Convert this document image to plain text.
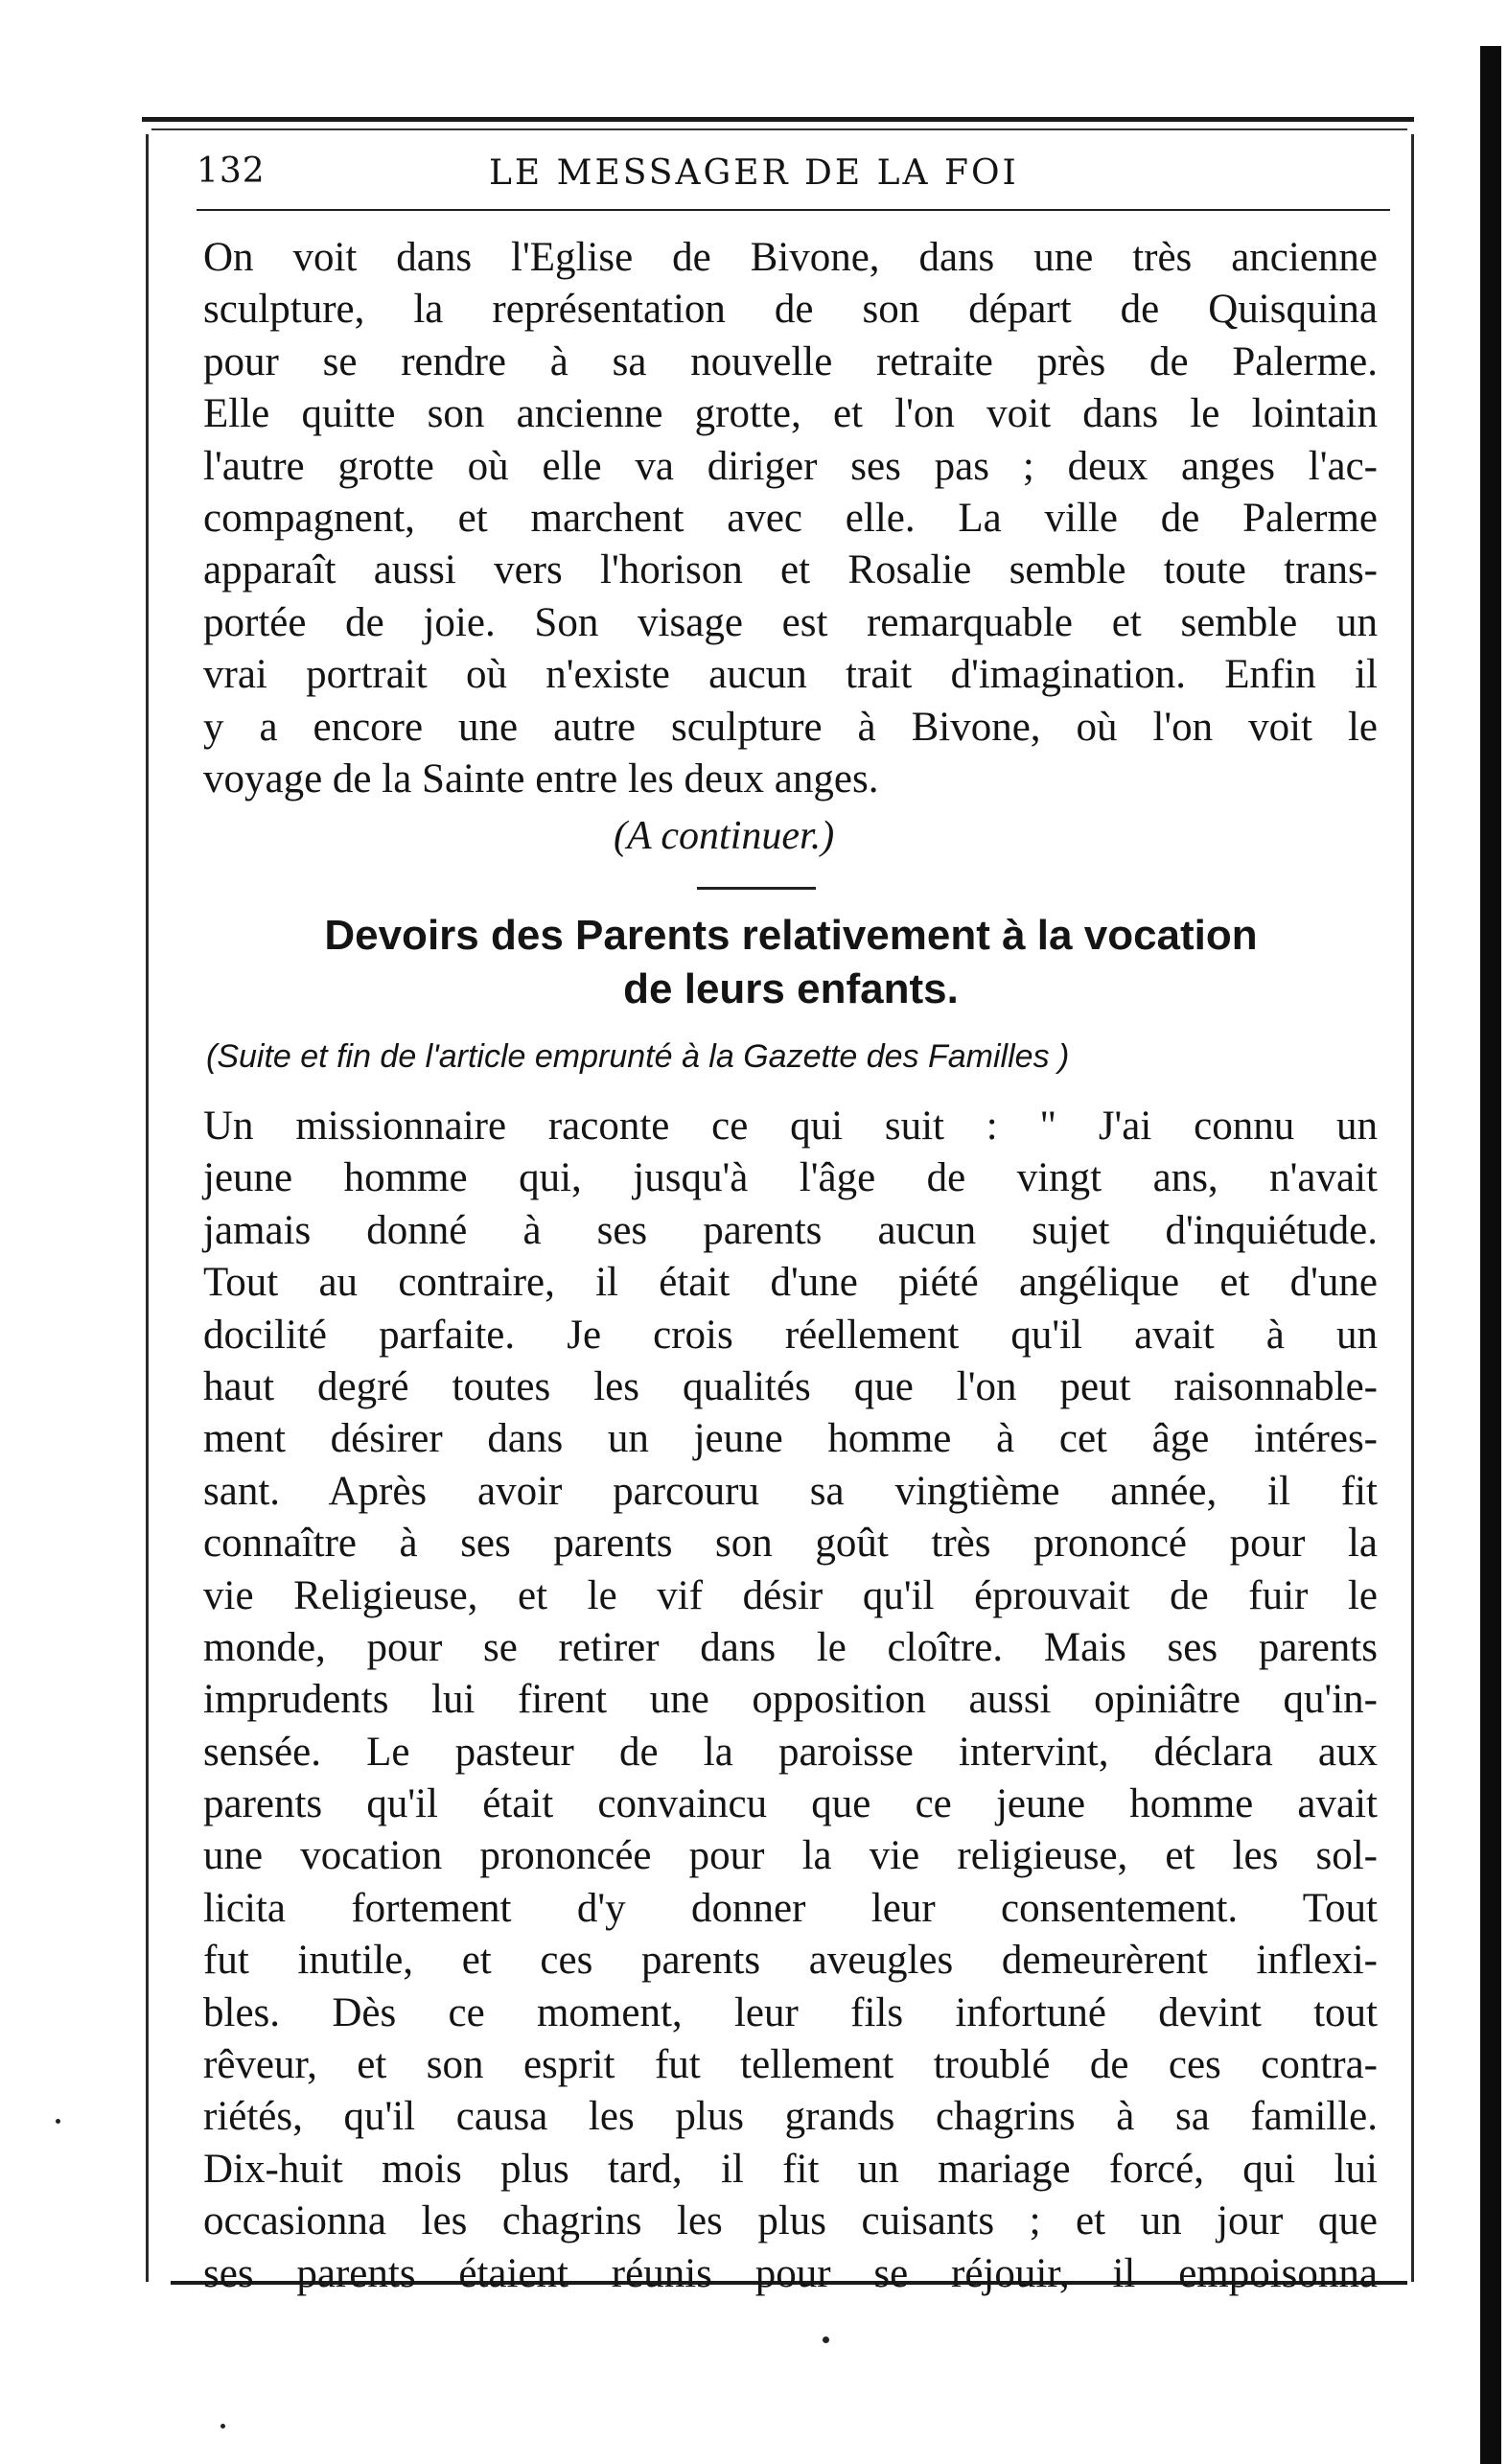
132	LE MESSAGER DE LA FOI
On voit dans l'Eglise de Bivone, dans une très ancienne
sculpture, la représentation de son départ de Quisquina
pour se rendre à sa nouvelle retraite près de Palerme.
Elle quitte son ancienne grotte, et l'on voit dans le lointain
l'autre grotte où elle va diriger ses pas ; deux anges l'ac-
compagnent, et marchent avec elle. La ville de Palerme
apparaît aussi vers l'horison et Rosalie semble toute trans-
portée de joie. Son visage est remarquable et semble un
vrai portrait où n'existe aucun trait d'imagination. Enfin il
y a encore une autre sculpture à Bivone, où l'on voit le
voyage de la Sainte entre les deux anges.
(A continuer.)
Devoirs des Parents relativement à la vocation
de leurs enfants.
(Suite et fin de l'article emprunté à la Gazette des Familles )
Un missionnaire raconte ce qui suit : " J'ai connu un
jeune homme qui, jusqu'à l'âge de vingt ans, n'avait
jamais donné à ses parents aucun sujet d'inquiétude.
Tout au contraire, il était d'une piété angélique et d'une
docilité parfaite. Je crois réellement qu'il avait à un
haut degré toutes les qualités que l'on peut raisonnable-
ment désirer dans un jeune homme à cet âge intéres-
sant. Après avoir parcouru sa vingtième année, il fit
connaître à ses parents son goût très prononcé pour la
vie Religieuse, et le vif désir qu'il éprouvait de fuir le
monde, pour se retirer dans le cloître. Mais ses parents
imprudents lui firent une opposition aussi opiniâtre qu'in-
sensée. Le pasteur de la paroisse intervint, déclara aux
parents qu'il était convaincu que ce jeune homme avait
une vocation prononcée pour la vie religieuse, et les sol-
licita fortement d'y donner leur consentement. Tout
fut inutile, et ces parents aveugles demeurèrent inflexi-
bles. Dès ce moment, leur fils infortuné devint tout
rêveur, et son esprit fut tellement troublé de ces contra-
riétés, qu'il causa les plus grands chagrins à sa famille.
Dix-huit mois plus tard, il fit un mariage forcé, qui lui
occasionna les chagrins les plus cuisants ; et un jour que
ses parents étaient réunis pour se réjouir, il empoisonna
